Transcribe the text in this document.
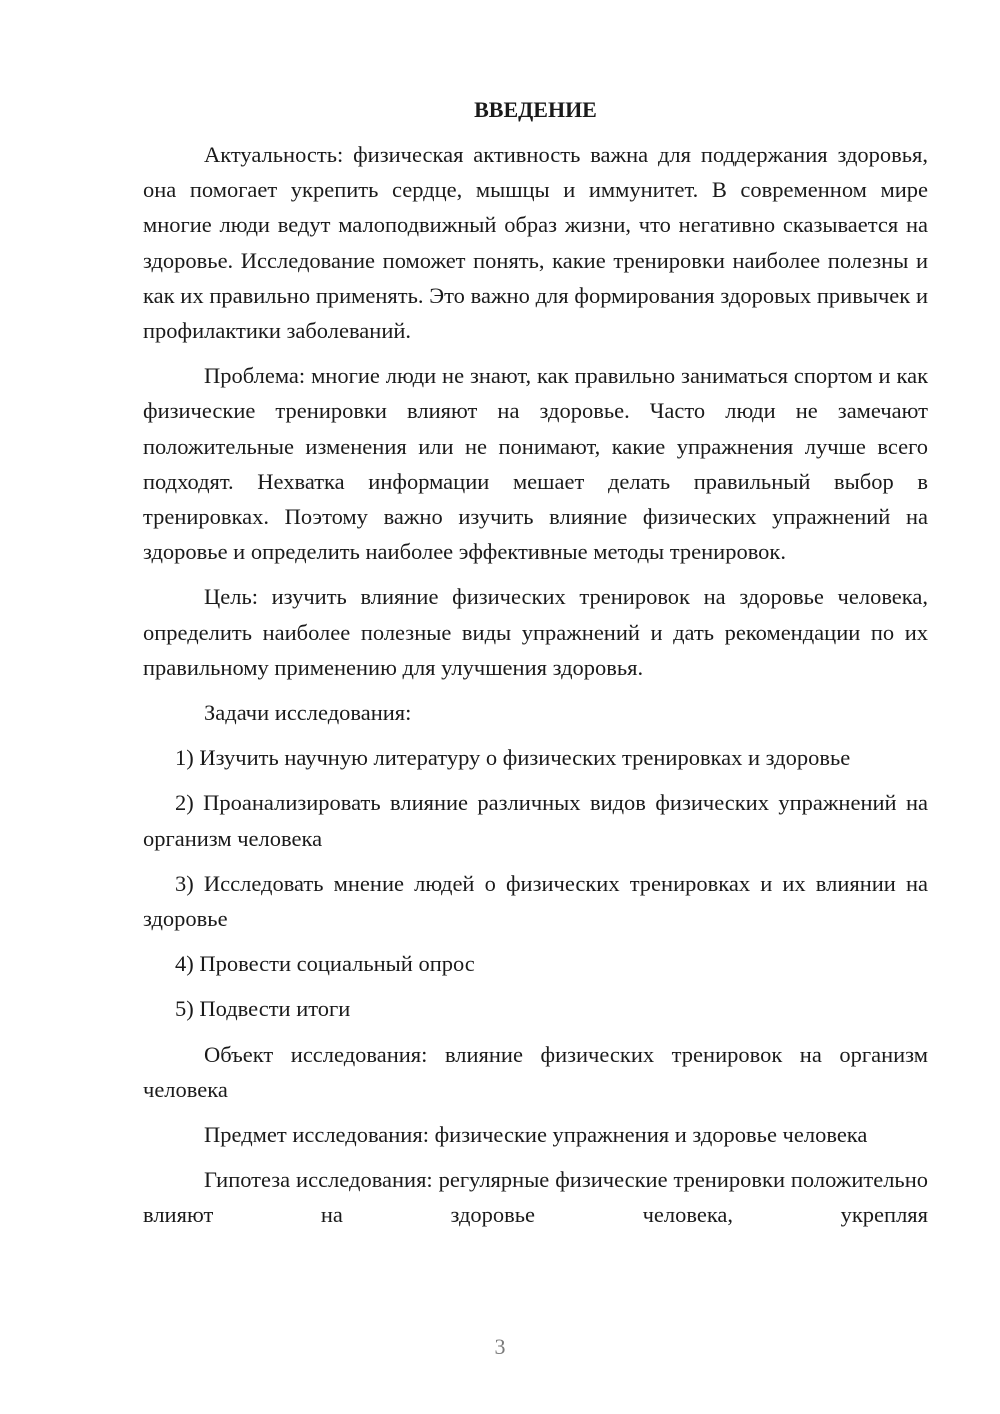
ВВЕДЕНИЕ

Актуальность: физическая активность важна для поддержания здоровья, она помогает укрепить сердце, мышцы и иммунитет. В современном мире многие люди ведут малоподвижный образ жизни, что негативно сказывается на здоровье. Исследование поможет понять, какие тренировки наиболее полезны и как их правильно применять. Это важно для формирования здоровых привычек и профилактики заболеваний.

Проблема: многие люди не знают, как правильно заниматься спортом и как физические тренировки влияют на здоровье. Часто люди не замечают положительные изменения или не понимают, какие упражнения лучше всего подходят. Нехватка информации мешает делать правильный выбор в тренировках. Поэтому важно изучить влияние физических упражнений на здоровье и определить наиболее эффективные методы тренировок.

Цель: изучить влияние физических тренировок на здоровье человека, определить наиболее полезные виды упражнений и дать рекомендации по их правильному применению для улучшения здоровья.

Задачи исследования:

1) Изучить научную литературу о физических тренировках и здоровье

2) Проанализировать влияние различных видов физических упражнений на организм человека

3) Исследовать мнение людей о физических тренировках и их влиянии на здоровье

4) Провести социальный опрос

5) Подвести итоги

Объект исследования: влияние физических тренировок на организм человека

Предмет исследования: физические упражнения и здоровье человека

Гипотеза исследования: регулярные физические тренировки положительно влияют на здоровье человека, укрепляя

3
